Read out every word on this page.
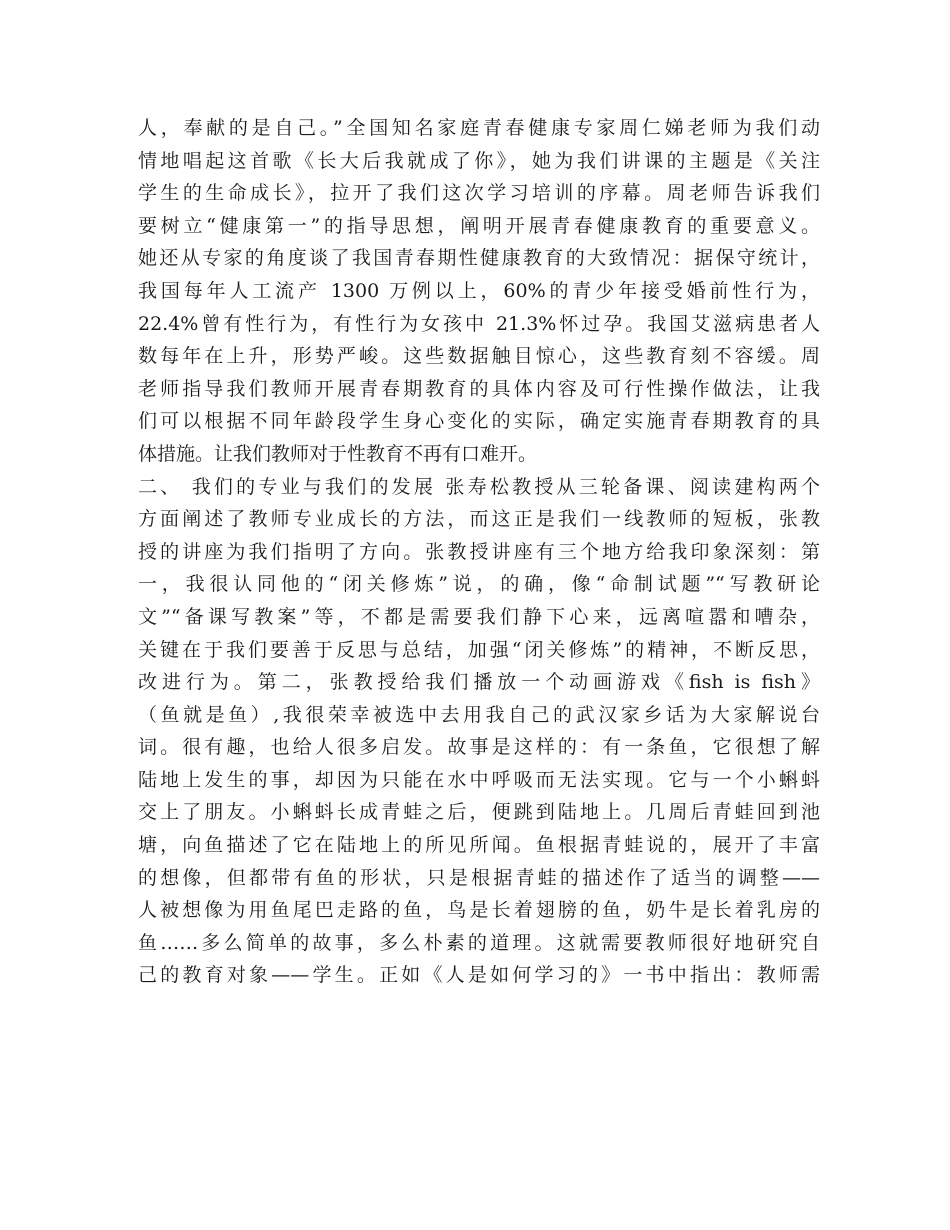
人，奉献的是自己。”全国知名家庭青春健康专家周仁娣老师为我们动
情地唱起这首歌《长大后我就成了你》，她为我们讲课的主题是《关注
学生的生命成长》，拉开了我们这次学习培训的序幕。周老师告诉我们
要树立“健康第一”的指导思想，阐明开展青春健康教育的重要意义。
她还从专家的角度谈了我国青春期性健康教育的大致情况：据保守统计，
我国每年人工流产 1300 万例以上，60%的青少年接受婚前性行为，
22.4%曾有性行为，有性行为女孩中 21.3%怀过孕。我国艾滋病患者人
数每年在上升，形势严峻。这些数据触目惊心，这些教育刻不容缓。周
老师指导我们教师开展青春期教育的具体内容及可行性操作做法，让我
们可以根据不同年龄段学生身心变化的实际，确定实施青春期教育的具
体措施。让我们教师对于性教育不再有口难开。
二、 我们的专业与我们的发展 张寿松教授从三轮备课、阅读建构两个
方面阐述了教师专业成长的方法，而这正是我们一线教师的短板，张教
授的讲座为我们指明了方向。张教授讲座有三个地方给我印象深刻：第
一，我很认同他的“闭关修炼”说，的确，像“命制试题”“写教研论
文”“备课写教案”等，不都是需要我们静下心来，远离喧嚣和嘈杂，
关键在于我们要善于反思与总结，加强“闭关修炼”的精神，不断反思，
改进行为。第二，张教授给我们播放一个动画游戏《fish is fish》
（鱼就是鱼）,我很荣幸被选中去用我自己的武汉家乡话为大家解说台
词。很有趣，也给人很多启发。故事是这样的：有一条鱼，它很想了解
陆地上发生的事，却因为只能在水中呼吸而无法实现。它与一个小蝌蚪
交上了朋友。小蝌蚪长成青蛙之后，便跳到陆地上。几周后青蛙回到池
塘，向鱼描述了它在陆地上的所见所闻。鱼根据青蛙说的，展开了丰富
的想像，但都带有鱼的形状，只是根据青蛙的描述作了适当的调整——
人被想像为用鱼尾巴走路的鱼，鸟是长着翅膀的鱼，奶牛是长着乳房的
鱼……多么简单的故事，多么朴素的道理。这就需要教师很好地研究自
己的教育对象——学生。正如《人是如何学习的》一书中指出：教师需
